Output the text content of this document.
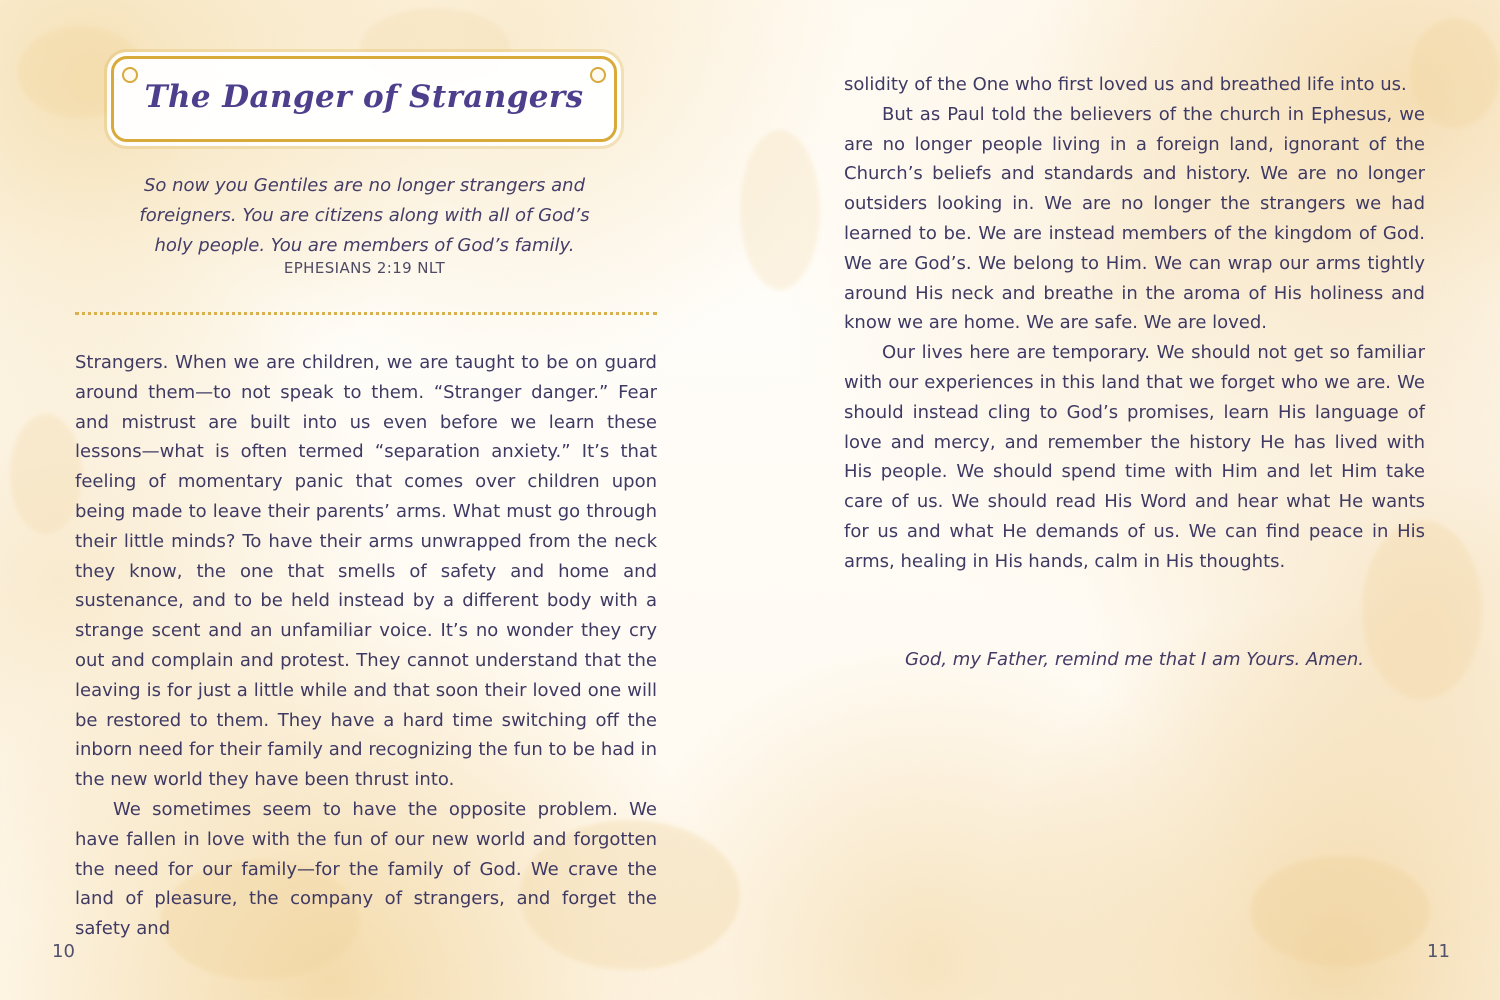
The Danger of Strangers
So now you Gentiles are no longer strangers and
foreigners. You are citizens along with all of God’s
holy people. You are members of God’s family.
EPHESIANS 2:19 NLT

Strangers. When we are children, we are taught to be on guard around them—to not speak to them. “Stranger danger.” Fear and mistrust are built into us even before we learn these lessons—what is often termed “separation anxiety.” It’s that feeling of momentary panic that comes over children upon being made to leave their parents’ arms. What must go through their little minds? To have their arms unwrapped from the neck they know, the one that smells of safety and home and sustenance, and to be held instead by a different body with a strange scent and an unfamiliar voice. It’s no wonder they cry out and complain and protest. They cannot understand that the leaving is for just a little while and that soon their loved one will be restored to them. They have a hard time switching off the inborn need for their family and recognizing the fun to be had in the new world they have been thrust into.

We sometimes seem to have the opposite problem. We have fallen in love with the fun of our new world and forgotten the need for our family—for the family of God. We crave the land of pleasure, the company of strangers, and forget the safety and

10

solidity of the One who first loved us and breathed life into us.

But as Paul told the believers of the church in Ephesus, we are no longer people living in a foreign land, ignorant of the Church’s beliefs and standards and history. We are no longer outsiders looking in. We are no longer the strangers we had learned to be. We are instead members of the kingdom of God. We are God’s. We belong to Him. We can wrap our arms tightly around His neck and breathe in the aroma of His holiness and know we are home. We are safe. We are loved.

Our lives here are temporary. We should not get so familiar with our experiences in this land that we forget who we are. We should instead cling to God’s promises, learn His language of love and mercy, and remember the history He has lived with His people. We should spend time with Him and let Him take care of us. We should read His Word and hear what He wants for us and what He demands of us. We can find peace in His arms, healing in His hands, calm in His thoughts.

God, my Father, remind me that I am Yours. Amen.
11
